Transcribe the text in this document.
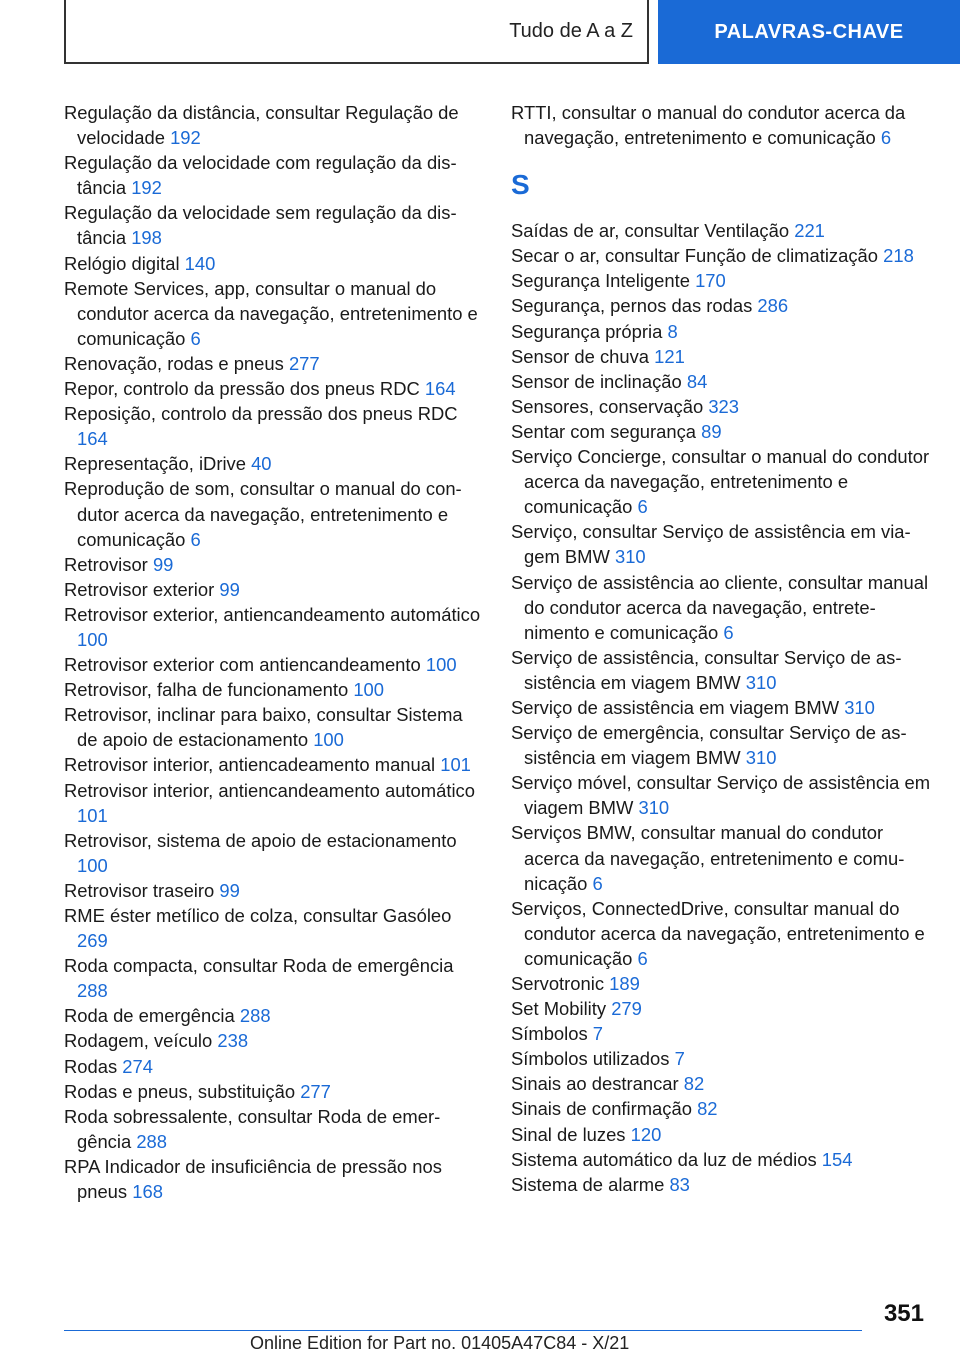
Tudo de A a Z	PALAVRAS-CHAVE
Regulação da distância, consultar Regulação de velocidade 192
Regulação da velocidade com regulação da distância 192
Regulação da velocidade sem regulação da distância 198
Relógio digital 140
Remote Services, app, consultar o manual do condutor acerca da navegação, entretenimento e comunicação 6
Renovação, rodas e pneus 277
Repor, controlo da pressão dos pneus RDC 164
Reposição, controlo da pressão dos pneus RDC 164
Representação, iDrive 40
Reprodução de som, consultar o manual do condutor acerca da navegação, entretenimento e comunicação 6
Retrovisor 99
Retrovisor exterior 99
Retrovisor exterior, antiencandeamento automático 100
Retrovisor exterior com antiencandeamento 100
Retrovisor, falha de funcionamento 100
Retrovisor, inclinar para baixo, consultar Sistema de apoio de estacionamento 100
Retrovisor interior, antiencadeamento manual 101
Retrovisor interior, antiencandeamento automático 101
Retrovisor, sistema de apoio de estacionamento 100
Retrovisor traseiro 99
RME éster metílico de colza, consultar Gasóleo 269
Roda compacta, consultar Roda de emergência 288
Roda de emergência 288
Rodagem, veículo 238
Rodas 274
Rodas e pneus, substituição 277
Roda sobressalente, consultar Roda de emergência 288
RPA Indicador de insuficiência de pressão nos pneus 168
RTTI, consultar o manual do condutor acerca da navegação, entretenimento e comunicação 6
S
Saídas de ar, consultar Ventilação 221
Secar o ar, consultar Função de climatização 218
Segurança Inteligente 170
Segurança, pernos das rodas 286
Segurança própria 8
Sensor de chuva 121
Sensor de inclinação 84
Sensores, conservação 323
Sentar com segurança 89
Serviço Concierge, consultar o manual do condutor acerca da navegação, entretenimento e comunicação 6
Serviço, consultar Serviço de assistência em viagem BMW 310
Serviço de assistência ao cliente, consultar manual do condutor acerca da navegação, entretenimento e comunicação 6
Serviço de assistência, consultar Serviço de assistência em viagem BMW 310
Serviço de assistência em viagem BMW 310
Serviço de emergência, consultar Serviço de assistência em viagem BMW 310
Serviço móvel, consultar Serviço de assistência em viagem BMW 310
Serviços BMW, consultar manual do condutor acerca da navegação, entretenimento e comunicação 6
Serviços, ConnectedDrive, consultar manual do condutor acerca da navegação, entretenimento e comunicação 6
Servotronic 189
Set Mobility 279
Símbolos 7
Símbolos utilizados 7
Sinais ao destrancar 82
Sinais de confirmação 82
Sinal de luzes 120
Sistema automático da luz de médios 154
Sistema de alarme 83
351
Online Edition for Part no. 01405A47C84 - X/21
